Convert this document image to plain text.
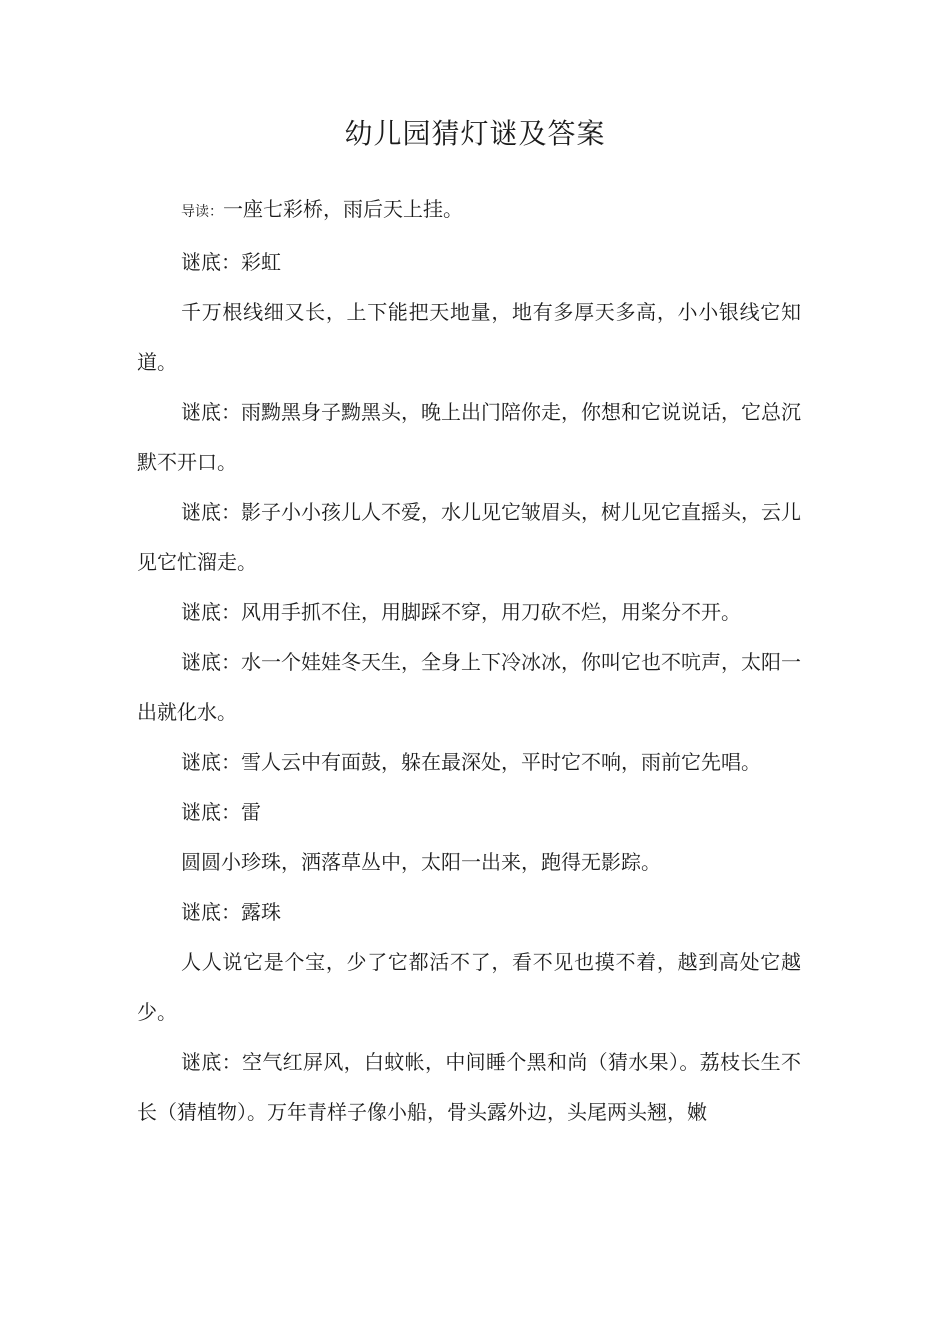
幼儿园猜灯谜及答案

导读：一座七彩桥，雨后天上挂。

谜底：彩虹

千万根线细又长，上下能把天地量，地有多厚天多高，小小银线它知道。

谜底：雨黝黑身子黝黑头，晚上出门陪你走，你想和它说说话，它总沉默不开口。

谜底：影子小小孩儿人不爱，水儿见它皱眉头，树儿见它直摇头，云儿见它忙溜走。

谜底：风用手抓不住，用脚踩不穿，用刀砍不烂，用桨分不开。

谜底：水一个娃娃冬天生，全身上下冷冰冰，你叫它也不吭声，太阳一出就化水。

谜底：雪人云中有面鼓，躲在最深处，平时它不响，雨前它先唱。

谜底：雷

圆圆小珍珠，洒落草丛中，太阳一出来，跑得无影踪。

谜底：露珠

人人说它是个宝，少了它都活不了，看不见也摸不着，越到高处它越少。

谜底：空气红屏风，白蚊帐，中间睡个黑和尚（猜水果）。荔枝长生不长（猜植物）。万年青样子像小船，骨头露外边，头尾两头翘，嫩
